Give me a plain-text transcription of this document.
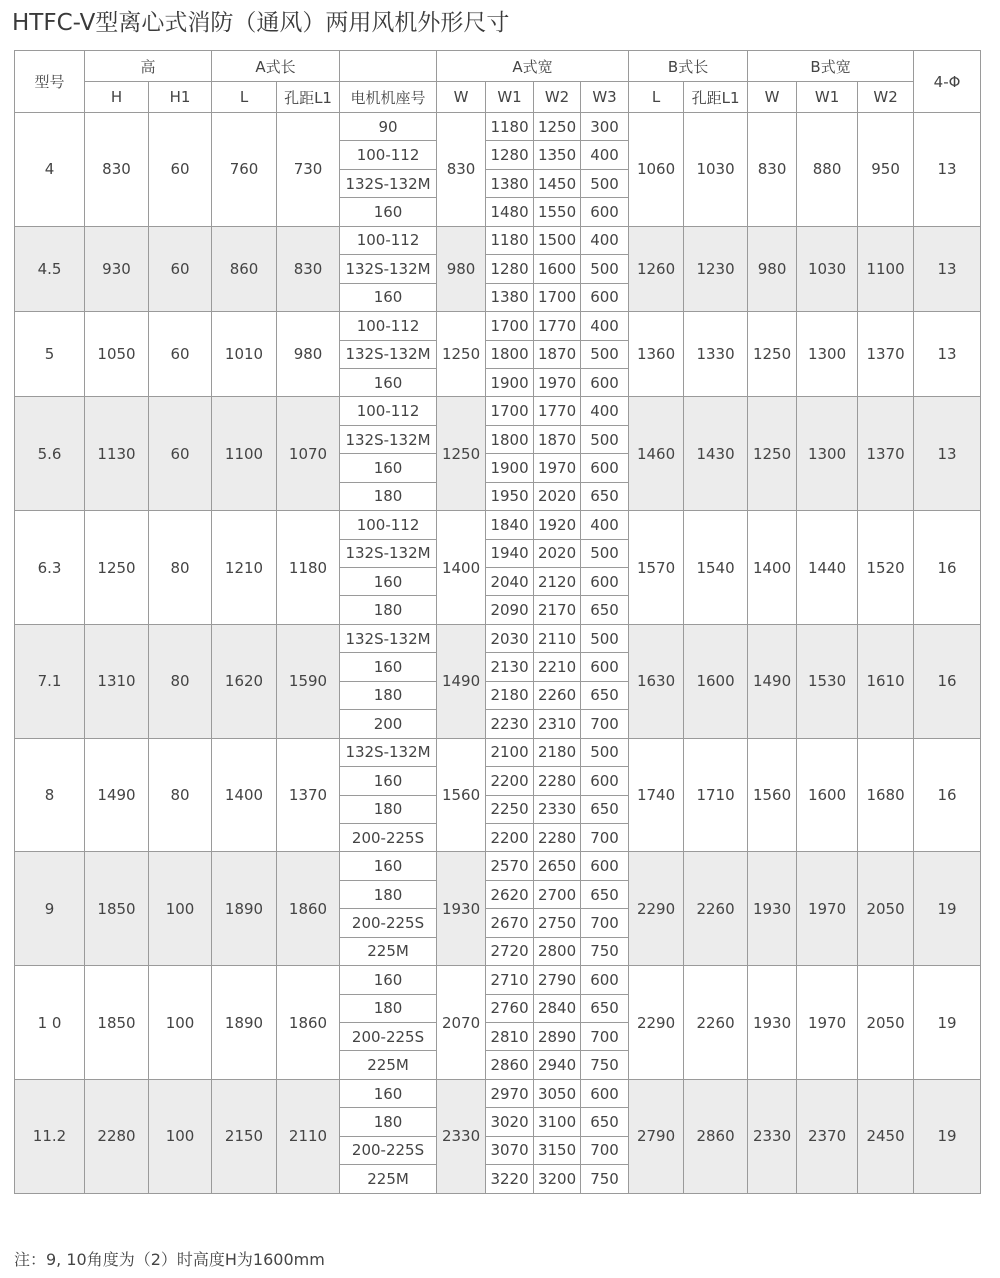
HTFC-V型离心式消防（通风）两用风机外形尺寸
型号	高		A式长			A式宽				B式长		B式宽			4-Φ
	H	H1	L	孔距L1	电机机座号	W	W1	W2	W3	L	孔距L1	W	W1	W2	
4	830	60	760	730	90	830	1180	1250	300	1060	1030	830	880	950	13
					100-112		1280	1350	400						
					132S-132M		1380	1450	500						
					160		1480	1550	600						
4.5	930	60	860	830	100-112	980	1180	1500	400	1260	1230	980	1030	1100	13
					132S-132M		1280	1600	500						
					160		1380	1700	600						
5	1050	60	1010	980	100-112	1250	1700	1770	400	1360	1330	1250	1300	1370	13
					132S-132M		1800	1870	500						
					160		1900	1970	600						
5.6	1130	60	1100	1070	100-112	1250	1700	1770	400	1460	1430	1250	1300	1370	13
					132S-132M		1800	1870	500						
					160		1900	1970	600						
					180		1950	2020	650						
6.3	1250	80	1210	1180	100-112	1400	1840	1920	400	1570	1540	1400	1440	1520	16
					132S-132M		1940	2020	500						
					160		2040	2120	600						
					180		2090	2170	650						
7.1	1310	80	1620	1590	132S-132M	1490	2030	2110	500	1630	1600	1490	1530	1610	16
					160		2130	2210	600						
					180		2180	2260	650						
					200		2230	2310	700						
8	1490	80	1400	1370	132S-132M	1560	2100	2180	500	1740	1710	1560	1600	1680	16
					160		2200	2280	600						
					180		2250	2330	650						
					200-225S		2200	2280	700						
9	1850	100	1890	1860	160	1930	2570	2650	600	2290	2260	1930	1970	2050	19
					180		2620	2700	650						
					200-225S		2670	2750	700						
					225M		2720	2800	750						
1 0	1850	100	1890	1860	160	2070	2710	2790	600	2290	2260	1930	1970	2050	19
					180		2760	2840	650						
					200-225S		2810	2890	700						
					225M		2860	2940	750						
11.2	2280	100	2150	2110	160	2330	2970	3050	600	2790	2860	2330	2370	2450	19
					180		3020	3100	650						
					200-225S		3070	3150	700						
					225M		3220	3200	750						
注：9, 10角度为（2）时高度H为1600mm
